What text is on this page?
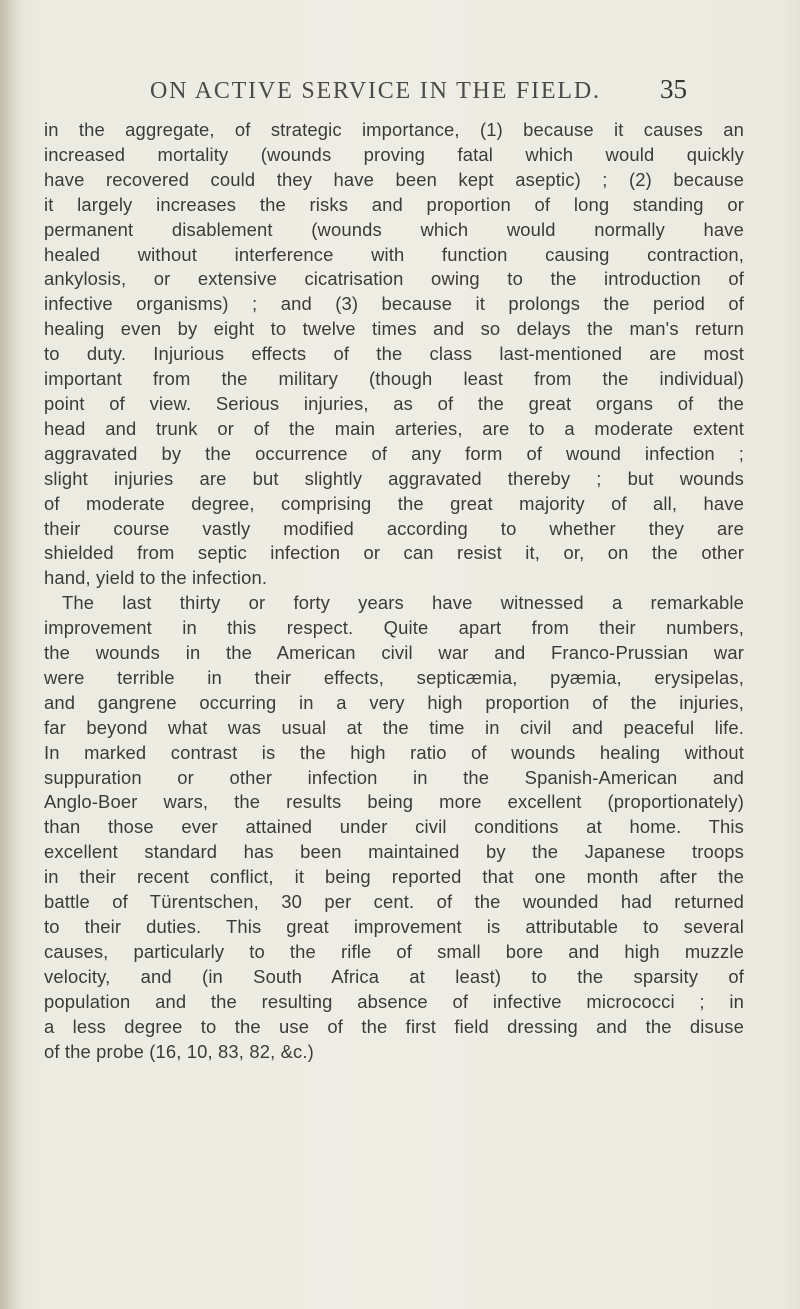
ON ACTIVE SERVICE IN THE FIELD. 35

in the aggregate, of strategic importance, (1) because it causes an
increased mortality (wounds proving fatal which would quickly
have recovered could they have been kept aseptic) ; (2) because
it largely increases the risks and proportion of long standing or
permanent disablement (wounds which would normally have
healed without interference with function causing contraction,
ankylosis, or extensive cicatrisation owing to the introduction of
infective organisms) ; and (3) because it prolongs the period of
healing even by eight to twelve times and so delays the man's return
to duty. Injurious effects of the class last-mentioned are most
important from the military (though least from the individual)
point of view. Serious injuries, as of the great organs of the
head and trunk or of the main arteries, are to a moderate extent
aggravated by the occurrence of any form of wound infection ;
slight injuries are but slightly aggravated thereby ; but wounds
of moderate degree, comprising the great majority of all, have
their course vastly modified according to whether they are
shielded from septic infection or can resist it, or, on the other
hand, yield to the infection.

The last thirty or forty years have witnessed a remarkable
improvement in this respect. Quite apart from their numbers,
the wounds in the American civil war and Franco-Prussian war
were terrible in their effects, septicæmia, pyæmia, erysipelas,
and gangrene occurring in a very high proportion of the injuries,
far beyond what was usual at the time in civil and peaceful life.
In marked contrast is the high ratio of wounds healing without
suppuration or other infection in the Spanish-American and
Anglo-Boer wars, the results being more excellent (proportionately)
than those ever attained under civil conditions at home. This
excellent standard has been maintained by the Japanese troops
in their recent conflict, it being reported that one month after the
battle of Türentschen, 30 per cent. of the wounded had returned
to their duties. This great improvement is attributable to several
causes, particularly to the rifle of small bore and high muzzle
velocity, and (in South Africa at least) to the sparsity of
population and the resulting absence of infective micrococci ; in
a less degree to the use of the first field dressing and the disuse
of the probe (16, 10, 83, 82, &c.)
